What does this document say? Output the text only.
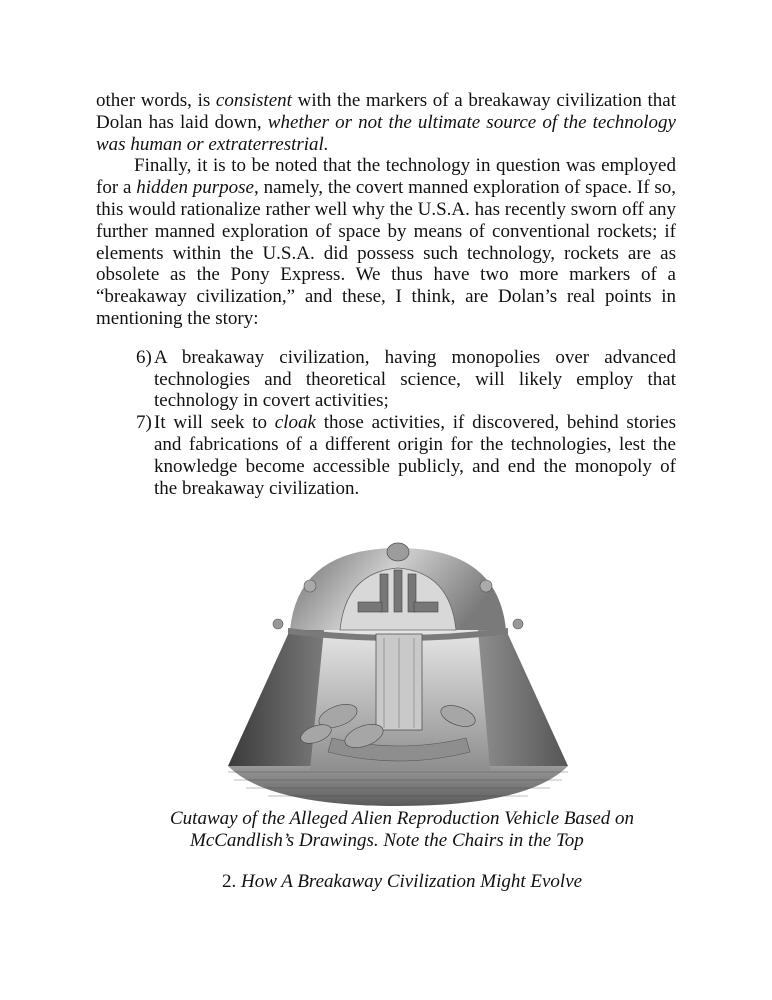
other words, is consistent with the markers of a breakaway civilization that Dolan has laid down, whether or not the ultimate source of the technology was human or extraterrestrial.

Finally, it is to be noted that the technology in question was employed for a hidden purpose, namely, the covert manned exploration of space. If so, this would rationalize rather well why the U.S.A. has recently sworn off any further manned exploration of space by means of conventional rockets; if elements within the U.S.A. did possess such technology, rockets are as obsolete as the Pony Express. We thus have two more markers of a “breakaway civilization,” and these, I think, are Dolan’s real points in mentioning the story:

6) A breakaway civilization, having monopolies over advanced technologies and theoretical science, will likely employ that technology in covert activities;
7) It will seek to cloak those activities, if discovered, behind stories and fabrications of a different origin for the technologies, lest the knowledge become accessible publicly, and end the monopoly of the breakaway civilization.
Cutaway of the Alleged Alien Reproduction Vehicle Based on
McCandlish’s Drawings. Note the Chairs in the Top
2. How A Breakaway Civilization Might Evolve
